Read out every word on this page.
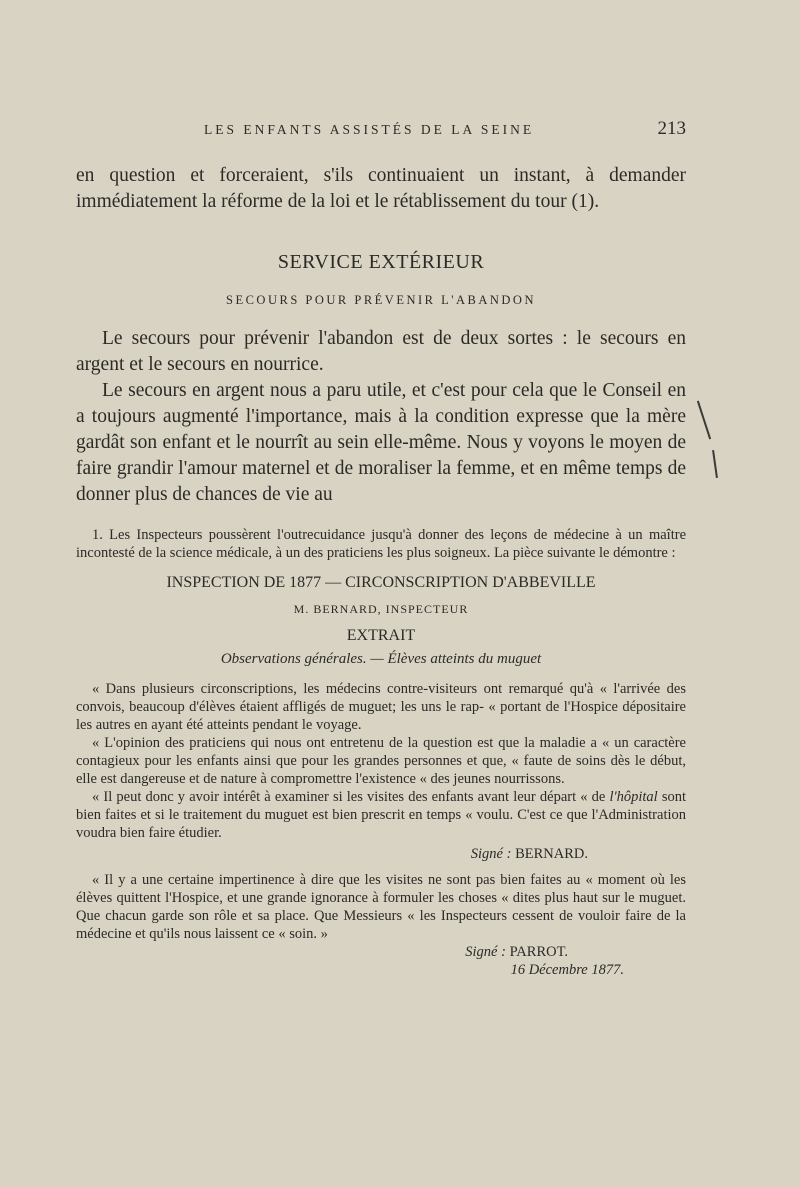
LES ENFANTS ASSISTÉS DE LA SEINE	213

en question et forceraient, s'ils continuaient un instant, à demander immédiatement la réforme de la loi et le rétablissement du tour (1).

SERVICE EXTÉRIEUR
SECOURS POUR PRÉVENIR L'ABANDON

Le secours pour prévenir l'abandon est de deux sortes : le secours en argent et le secours en nourrice.

Le secours en argent nous a paru utile, et c'est pour cela que le Conseil en a toujours augmenté l'importance, mais à la condition expresse que la mère gardât son enfant et le nourrît au sein elle-même. Nous y voyons le moyen de faire grandir l'amour maternel et de moraliser la femme, et en même temps de donner plus de chances de vie au

1. Les Inspecteurs poussèrent l'outrecuidance jusqu'à donner des leçons de médecine à un maître incontesté de la science médicale, à un des praticiens les plus soigneux. La pièce suivante le démontre :

INSPECTION DE 1877 — CIRCONSCRIPTION D'ABBEVILLE

M. BERNARD, INSPECTEUR

EXTRAIT

Observations générales. — Élèves atteints du muguet

« Dans plusieurs circonscriptions, les médecins contre-visiteurs ont remarqué qu'à « l'arrivée des convois, beaucoup d'élèves étaient affligés de muguet; les uns le rap- « portant de l'Hospice dépositaire les autres en ayant été atteints pendant le voyage.

« L'opinion des praticiens qui nous ont entretenu de la question est que la maladie a « un caractère contagieux pour les enfants ainsi que pour les grandes personnes et que, « faute de soins dès le début, elle est dangereuse et de nature à compromettre l'existence « des jeunes nourrissons.

« Il peut donc y avoir intérêt à examiner si les visites des enfants avant leur départ « de l'hôpital sont bien faites et si le traitement du muguet est bien prescrit en temps « voulu. C'est ce que l'Administration voudra bien faire étudier.

Signé : BERNARD.

« Il y a une certaine impertinence à dire que les visites ne sont pas bien faites au « moment où les élèves quittent l'Hospice, et une grande ignorance à formuler les choses « dites plus haut sur le muguet. Que chacun garde son rôle et sa place. Que Messieurs « les Inspecteurs cessent de vouloir faire de la médecine et qu'ils nous laissent ce « soin. »

Signé : PARROT.

16 Décembre 1877.
